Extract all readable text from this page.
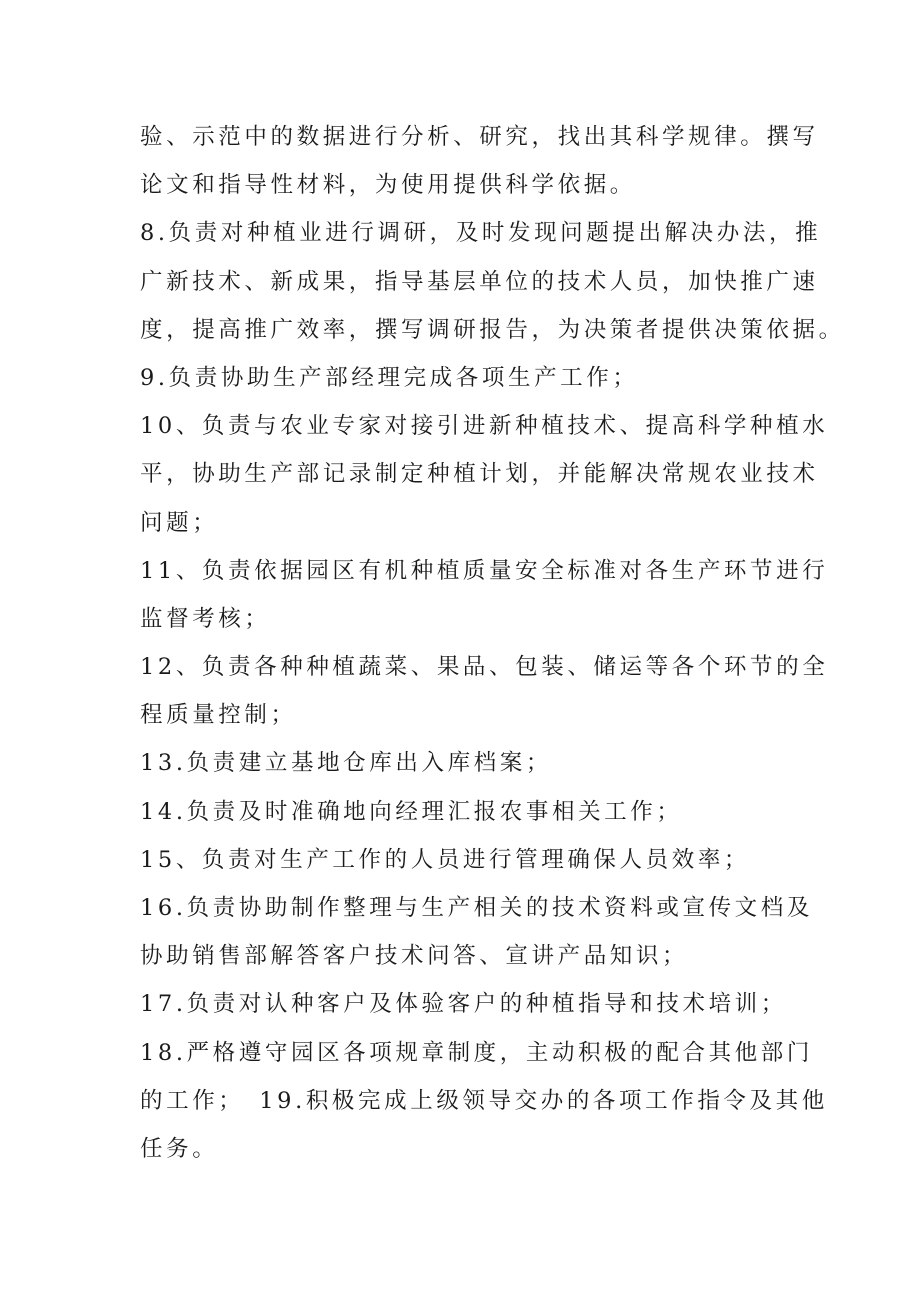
验、示范中的数据进行分析、研究，找出其科学规律。撰写
论文和指导性材料，为使用提供科学依据。
8.负责对种植业进行调研，及时发现问题提出解决办法，推
广新技术、新成果，指导基层单位的技术人员，加快推广速
度，提高推广效率，撰写调研报告，为决策者提供决策依据。
9.负责协助生产部经理完成各项生产工作；
10、负责与农业专家对接引进新种植技术、提高科学种植水
平，协助生产部记录制定种植计划，并能解决常规农业技术
问题；
11、负责依据园区有机种植质量安全标准对各生产环节进行
监督考核；
12、负责各种种植蔬菜、果品、包装、储运等各个环节的全
程质量控制；
13.负责建立基地仓库出入库档案；
14.负责及时准确地向经理汇报农事相关工作；
15、负责对生产工作的人员进行管理确保人员效率；
16.负责协助制作整理与生产相关的技术资料或宣传文档及
协助销售部解答客户技术问答、宣讲产品知识；
17.负责对认种客户及体验客户的种植指导和技术培训；
18.严格遵守园区各项规章制度，主动积极的配合其他部门
的工作；　19.积极完成上级领导交办的各项工作指令及其他
任务。
